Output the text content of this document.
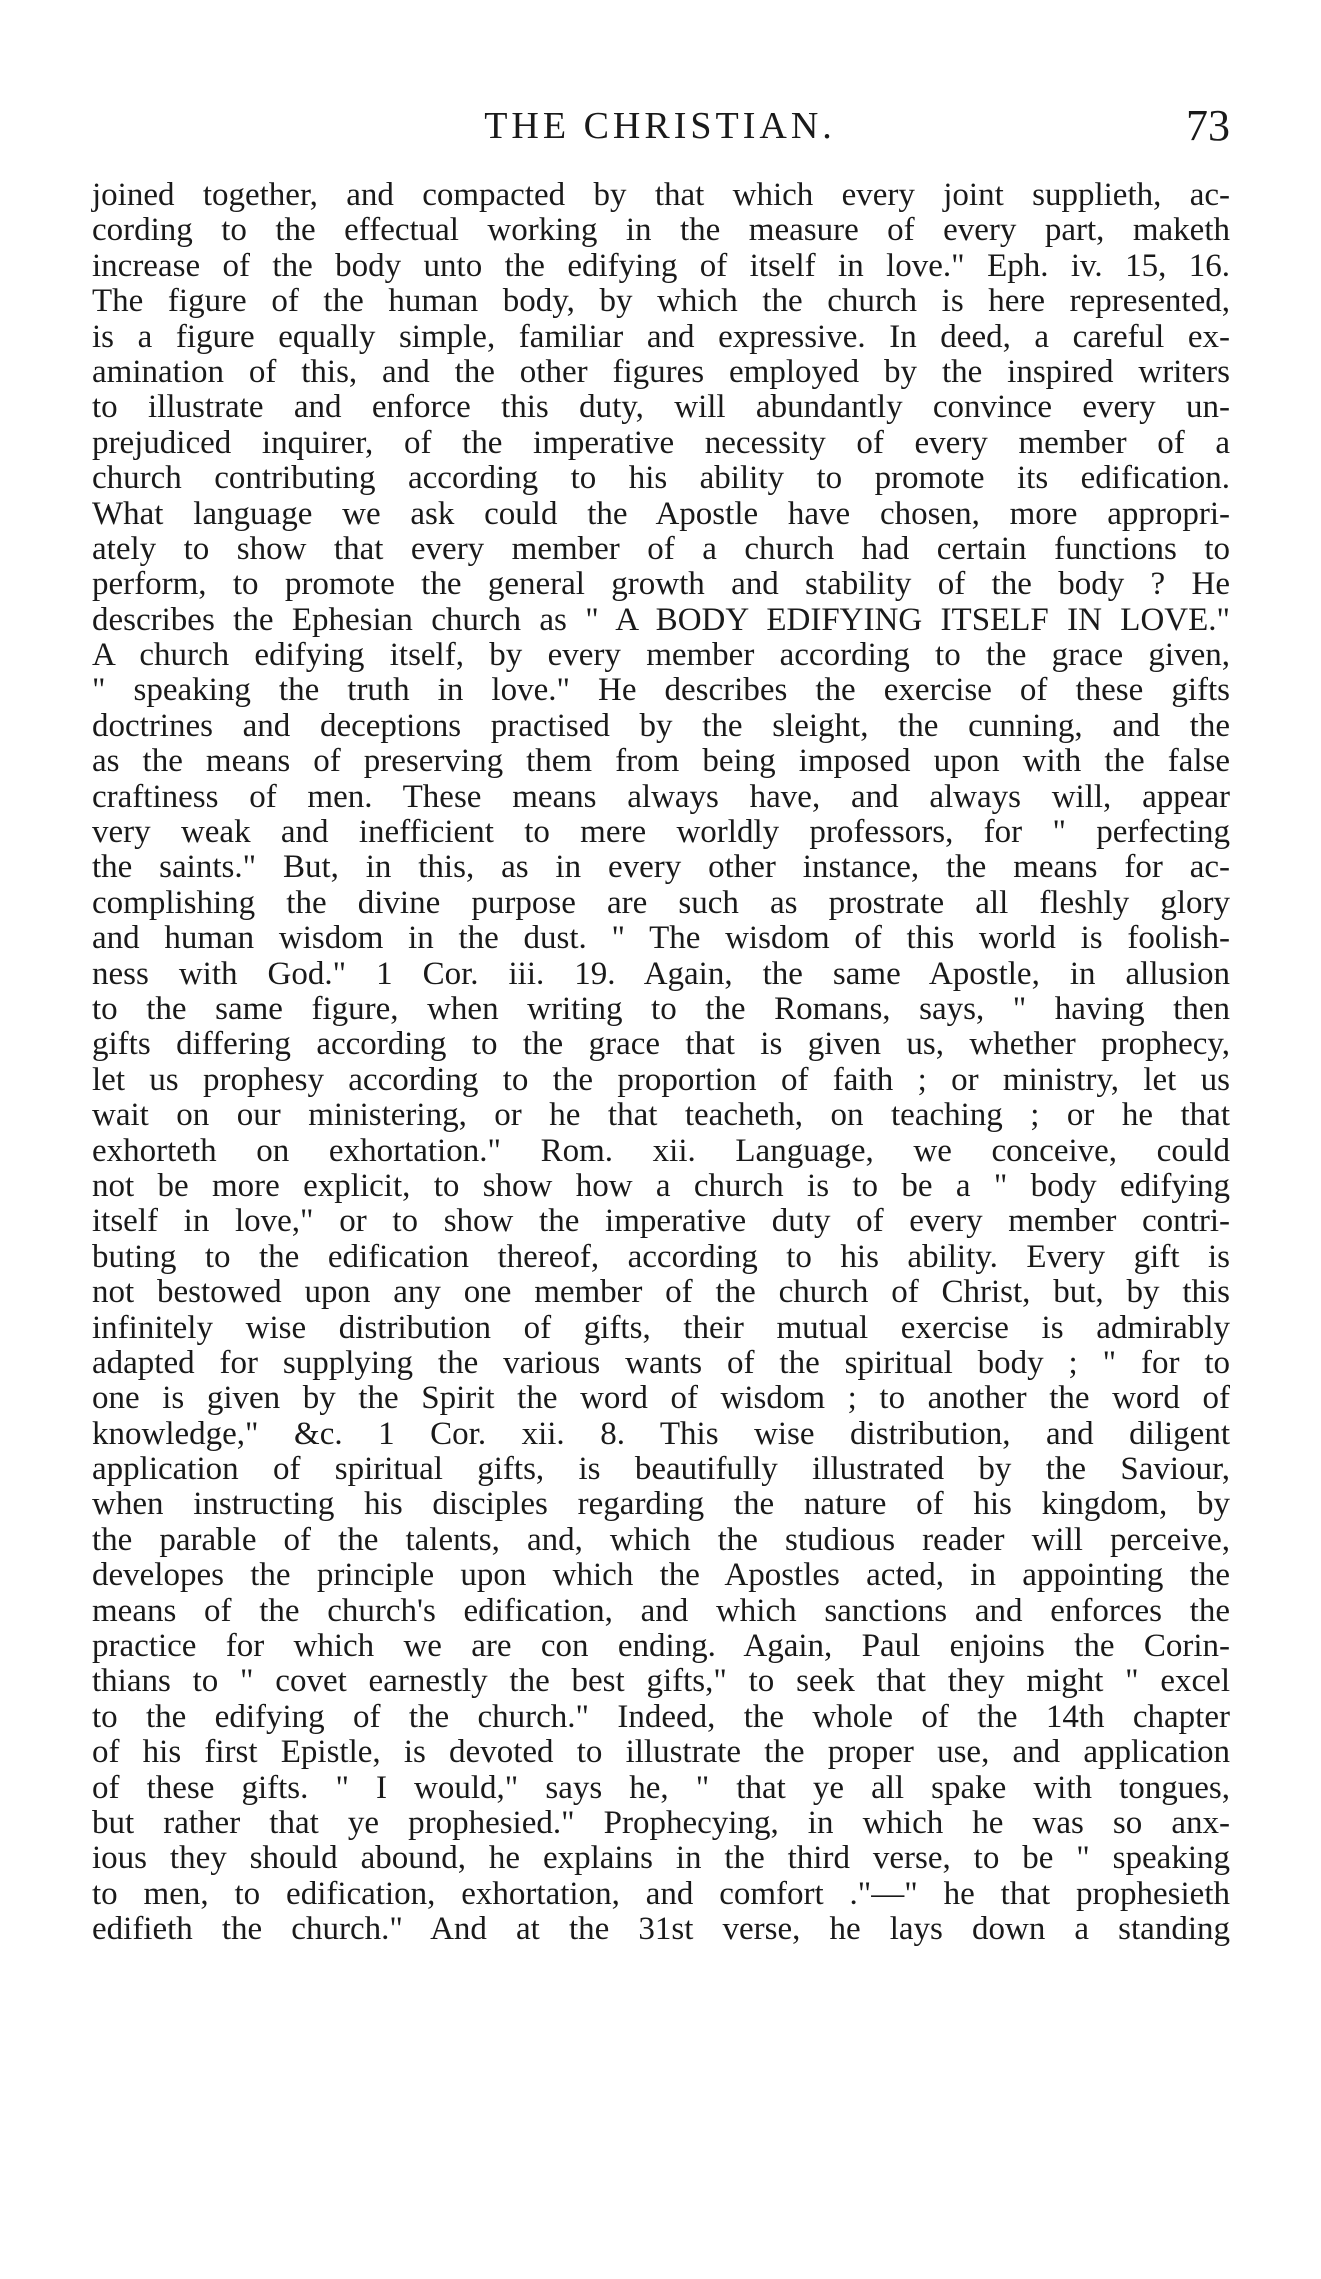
THE CHRISTIAN.	73
joined together, and compacted by that which every joint supplieth, ac-
cording to the effectual working in the measure of every part, maketh
increase of the body unto the edifying of itself in love." Eph. iv. 15, 16.
The figure of the human body, by which the church is here represented,
is a figure equally simple, familiar and expressive. In deed, a careful ex-
amination of this, and the other figures employed by the inspired writers
to illustrate and enforce this duty, will abundantly convince every un-
prejudiced inquirer, of the imperative necessity of every member of a
church contributing according to his ability to promote its edification.
What language we ask could the Apostle have chosen, more appropri-
ately to show that every member of a church had certain functions to
perform, to promote the general growth and stability of the body ? He
describes the Ephesian church as " A BODY EDIFYING ITSELF IN LOVE."
A church edifying itself, by every member according to the grace given,
" speaking the truth in love." He describes the exercise of these gifts
doctrines and deceptions practised by the sleight, the cunning, and the
as the means of preserving them from being imposed upon with the false
craftiness of men. These means always have, and always will, appear
very weak and inefficient to mere worldly professors, for " perfecting
the saints." But, in this, as in every other instance, the means for ac-
complishing the divine purpose are such as prostrate all fleshly glory
and human wisdom in the dust. " The wisdom of this world is foolish-
ness with God." 1 Cor. iii. 19. Again, the same Apostle, in allusion
to the same figure, when writing to the Romans, says, " having then
gifts differing according to the grace that is given us, whether prophecy,
let us prophesy according to the proportion of faith ; or ministry, let us
wait on our ministering, or he that teacheth, on teaching ; or he that
exhorteth on exhortation." Rom. xii. Language, we conceive, could
not be more explicit, to show how a church is to be a " body edifying
itself in love," or to show the imperative duty of every member contri-
buting to the edification thereof, according to his ability. Every gift is
not bestowed upon any one member of the church of Christ, but, by this
infinitely wise distribution of gifts, their mutual exercise is admirably
adapted for supplying the various wants of the spiritual body ; " for to
one is given by the Spirit the word of wisdom ; to another the word of
knowledge," &c. 1 Cor. xii. 8. This wise distribution, and diligent
application of spiritual gifts, is beautifully illustrated by the Saviour,
when instructing his disciples regarding the nature of his kingdom, by
the parable of the talents, and, which the studious reader will perceive,
developes the principle upon which the Apostles acted, in appointing the
means of the church's edification, and which sanctions and enforces the
practice for which we are con ending. Again, Paul enjoins the Corin-
thians to " covet earnestly the best gifts," to seek that they might " excel
to the edifying of the church." Indeed, the whole of the 14th chapter
of his first Epistle, is devoted to illustrate the proper use, and application
of these gifts. " I would," says he, " that ye all spake with tongues,
but rather that ye prophesied." Prophecying, in which he was so anx-
ious they should abound, he explains in the third verse, to be " speaking
to men, to edification, exhortation, and comfort ."—" he that prophesieth
edifieth the church." And at the 31st verse, he lays down a standing
